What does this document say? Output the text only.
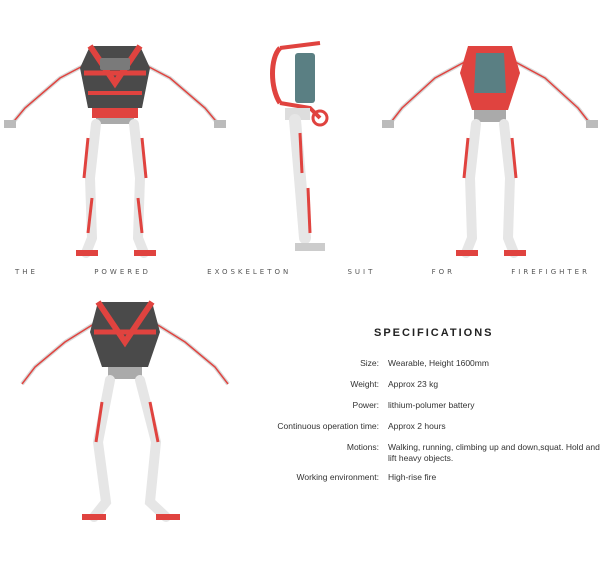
THE	POWERED	EXOSKELETON	SUIT	FOR	FIREFIGHTER
SPECIFICATIONS
Size:	Wearable, Height 1600mm
Weight:	Approx 23 kg
Power:	lithium-polumer battery
Continuous operation time:	Approx 2 hours
Motions:	Walking, running, climbing up and down,squat. Hold and lift heavy objects.
Working environment:	High-rise fire
